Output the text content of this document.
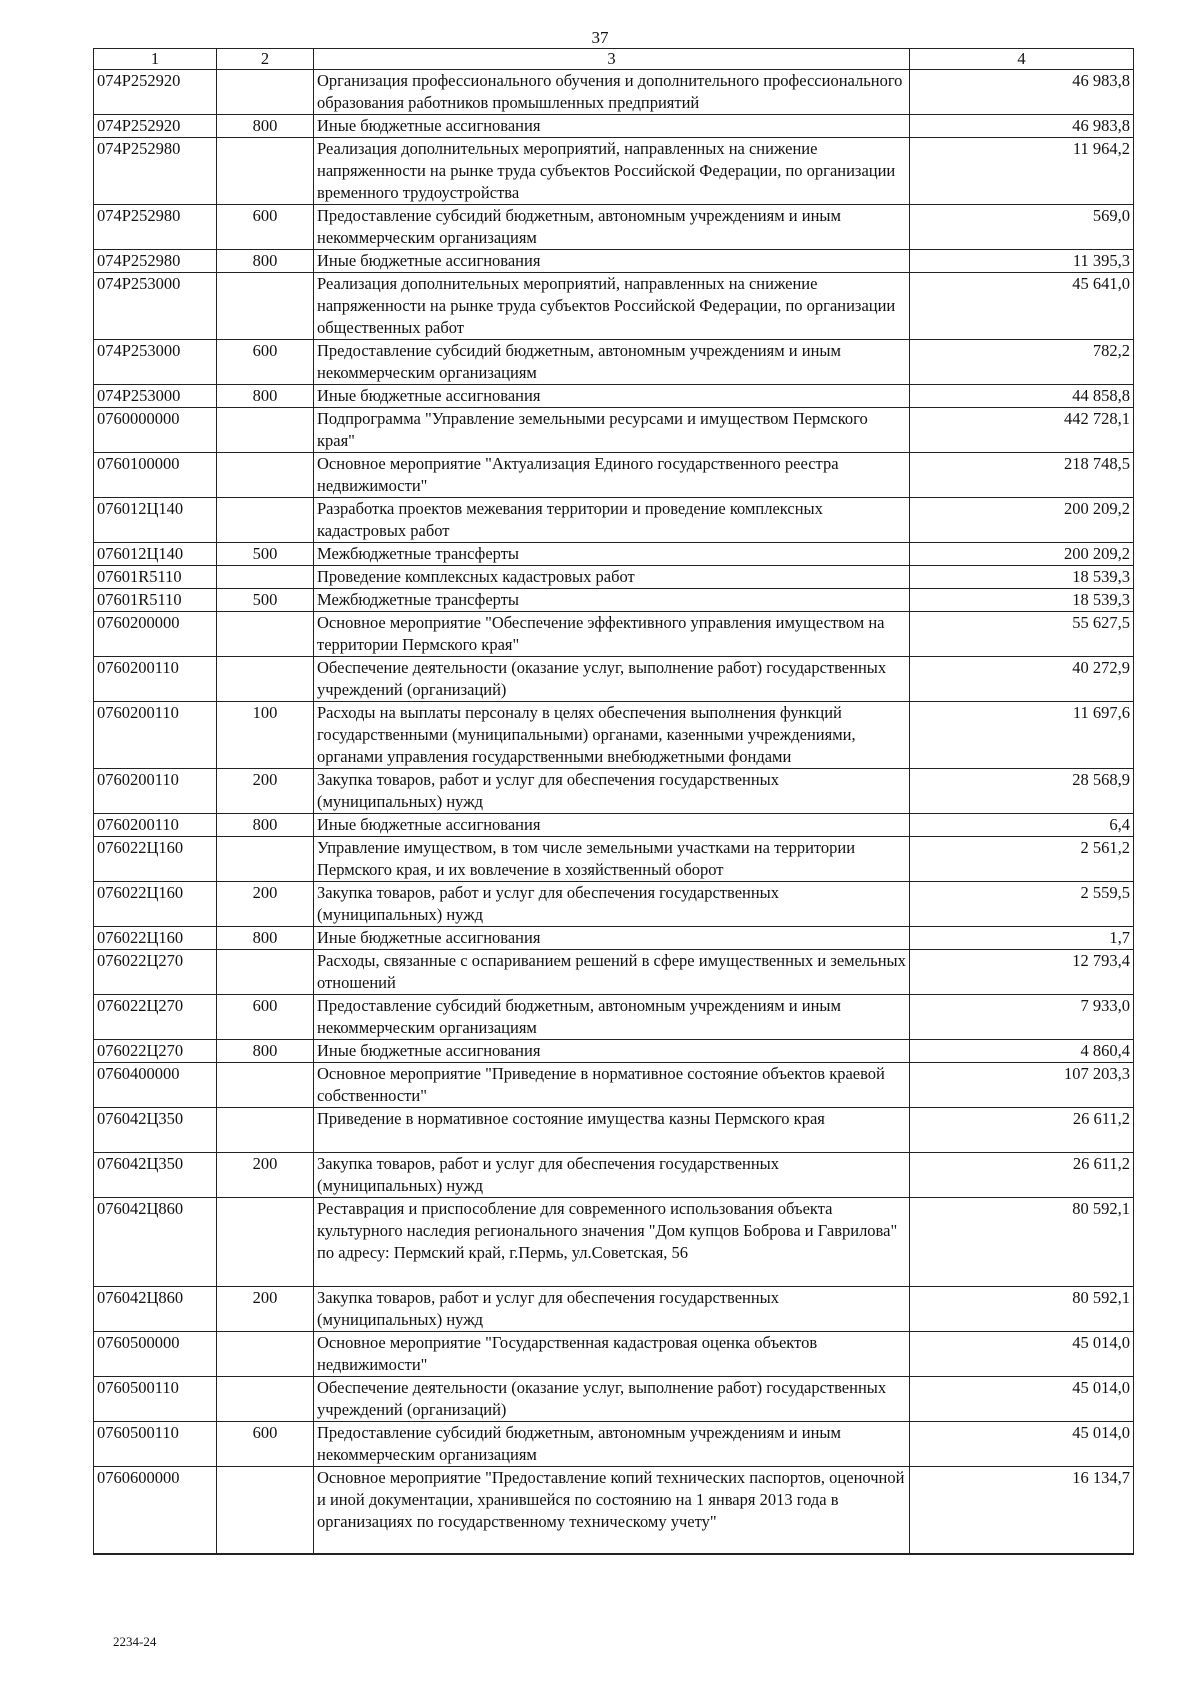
37
1	2	3	4
074P252920		Организация профессионального обучения и дополнительного профессионального образования работников промышленных предприятий	46 983,8
074P252920	800	Иные бюджетные ассигнования	46 983,8
074P252980		Реализация дополнительных мероприятий, направленных на снижение напряженности на рынке труда субъектов Российской Федерации, по организации временного трудоустройства	11 964,2
074P252980	600	Предоставление субсидий бюджетным, автономным учреждениям и иным некоммерческим организациям	569,0
074P252980	800	Иные бюджетные ассигнования	11 395,3
074P253000		Реализация дополнительных мероприятий, направленных на снижение напряженности на рынке труда субъектов Российской Федерации, по организации общественных работ	45 641,0
074P253000	600	Предоставление субсидий бюджетным, автономным учреждениям и иным некоммерческим организациям	782,2
074P253000	800	Иные бюджетные ассигнования	44 858,8
0760000000		Подпрограмма "Управление земельными ресурсами и имуществом Пермского края"	442 728,1
0760100000		Основное мероприятие "Актуализация Единого государственного реестра недвижимости"	218 748,5
076012Ц140		Разработка проектов межевания территории и проведение комплексных кадастровых работ	200 209,2
076012Ц140	500	Межбюджетные трансферты	200 209,2
07601R5110		Проведение комплексных кадастровых работ	18 539,3
07601R5110	500	Межбюджетные трансферты	18 539,3
0760200000		Основное мероприятие "Обеспечение эффективного управления имуществом на территории Пермского края"	55 627,5
0760200110		Обеспечение деятельности (оказание услуг, выполнение работ) государственных учреждений (организаций)	40 272,9
0760200110	100	Расходы на выплаты персоналу в целях обеспечения выполнения функций государственными (муниципальными) органами, казенными учреждениями, органами управления государственными внебюджетными фондами	11 697,6
0760200110	200	Закупка товаров, работ и услуг для обеспечения государственных (муниципальных) нужд	28 568,9
0760200110	800	Иные бюджетные ассигнования	6,4
076022Ц160		Управление имуществом, в том числе земельными участками на территории Пермского края, и их вовлечение в хозяйственный оборот	2 561,2
076022Ц160	200	Закупка товаров, работ и услуг для обеспечения государственных (муниципальных) нужд	2 559,5
076022Ц160	800	Иные бюджетные ассигнования	1,7
076022Ц270		Расходы, связанные с оспариванием решений в сфере имущественных и земельных отношений	12 793,4
076022Ц270	600	Предоставление субсидий бюджетным, автономным учреждениям и иным некоммерческим организациям	7 933,0
076022Ц270	800	Иные бюджетные ассигнования	4 860,4
0760400000		Основное мероприятие "Приведение в нормативное состояние объектов краевой собственности"	107 203,3
076042Ц350		Приведение в нормативное состояние имущества казны Пермского края	26 611,2
076042Ц350	200	Закупка товаров, работ и услуг для обеспечения государственных (муниципальных) нужд	26 611,2
076042Ц860		Реставрация и приспособление для современного использования объекта культурного наследия регионального значения "Дом купцов Боброва и Гаврилова" по адресу: Пермский край, г.Пермь, ул.Советская, 56	80 592,1
076042Ц860	200	Закупка товаров, работ и услуг для обеспечения государственных (муниципальных) нужд	80 592,1
0760500000		Основное мероприятие "Государственная кадастровая оценка объектов недвижимости"	45 014,0
0760500110		Обеспечение деятельности (оказание услуг, выполнение работ) государственных учреждений (организаций)	45 014,0
0760500110	600	Предоставление субсидий бюджетным, автономным учреждениям и иным некоммерческим организациям	45 014,0
0760600000		Основное мероприятие "Предоставление копий технических паспортов, оценочной и иной документации, хранившейся по состоянию на 1 января 2013 года в организациях по государственному техническому учету"	16 134,7
2234-24
